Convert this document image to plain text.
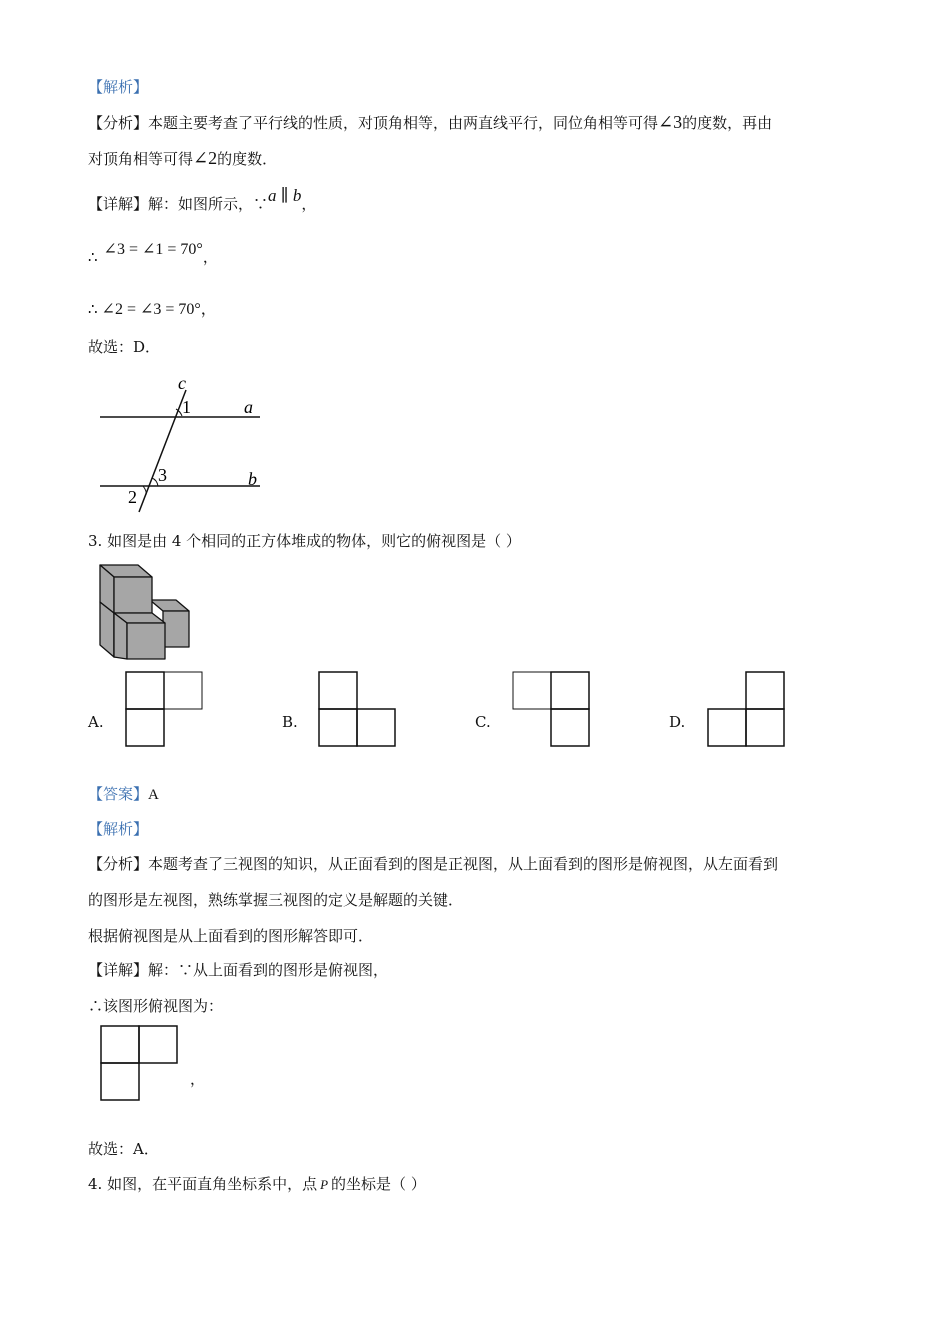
【解析】
【分析】本题主要考查了平行线的性质，对顶角相等，由两直线平行，同位角相等可得∠3的度数，再由
对顶角相等可得∠2的度数．
【详解】解：如图所示，∵a ∥ b，
∴ ∠3 = ∠1 = 70°，
∴ ∠2 = ∠3 = 70°，
故选：D．
c
1	a
3	b
2
3. 如图是由 4 个相同的正方体堆成的物体，则它的俯视图是（ ）
A.	B.	C.	D.
【答案】A
【解析】
【分析】本题考查了三视图的知识，从正面看到的图是正视图，从上面看到的图形是俯视图，从左面看到
的图形是左视图，熟练掌握三视图的定义是解题的关键．
根据俯视图是从上面看到的图形解答即可．
【详解】解：∵从上面看到的图形是俯视图，
∴该图形俯视图为：
，
故选：A．
4. 如图，在平面直角坐标系中，点 P 的坐标是（ ）
